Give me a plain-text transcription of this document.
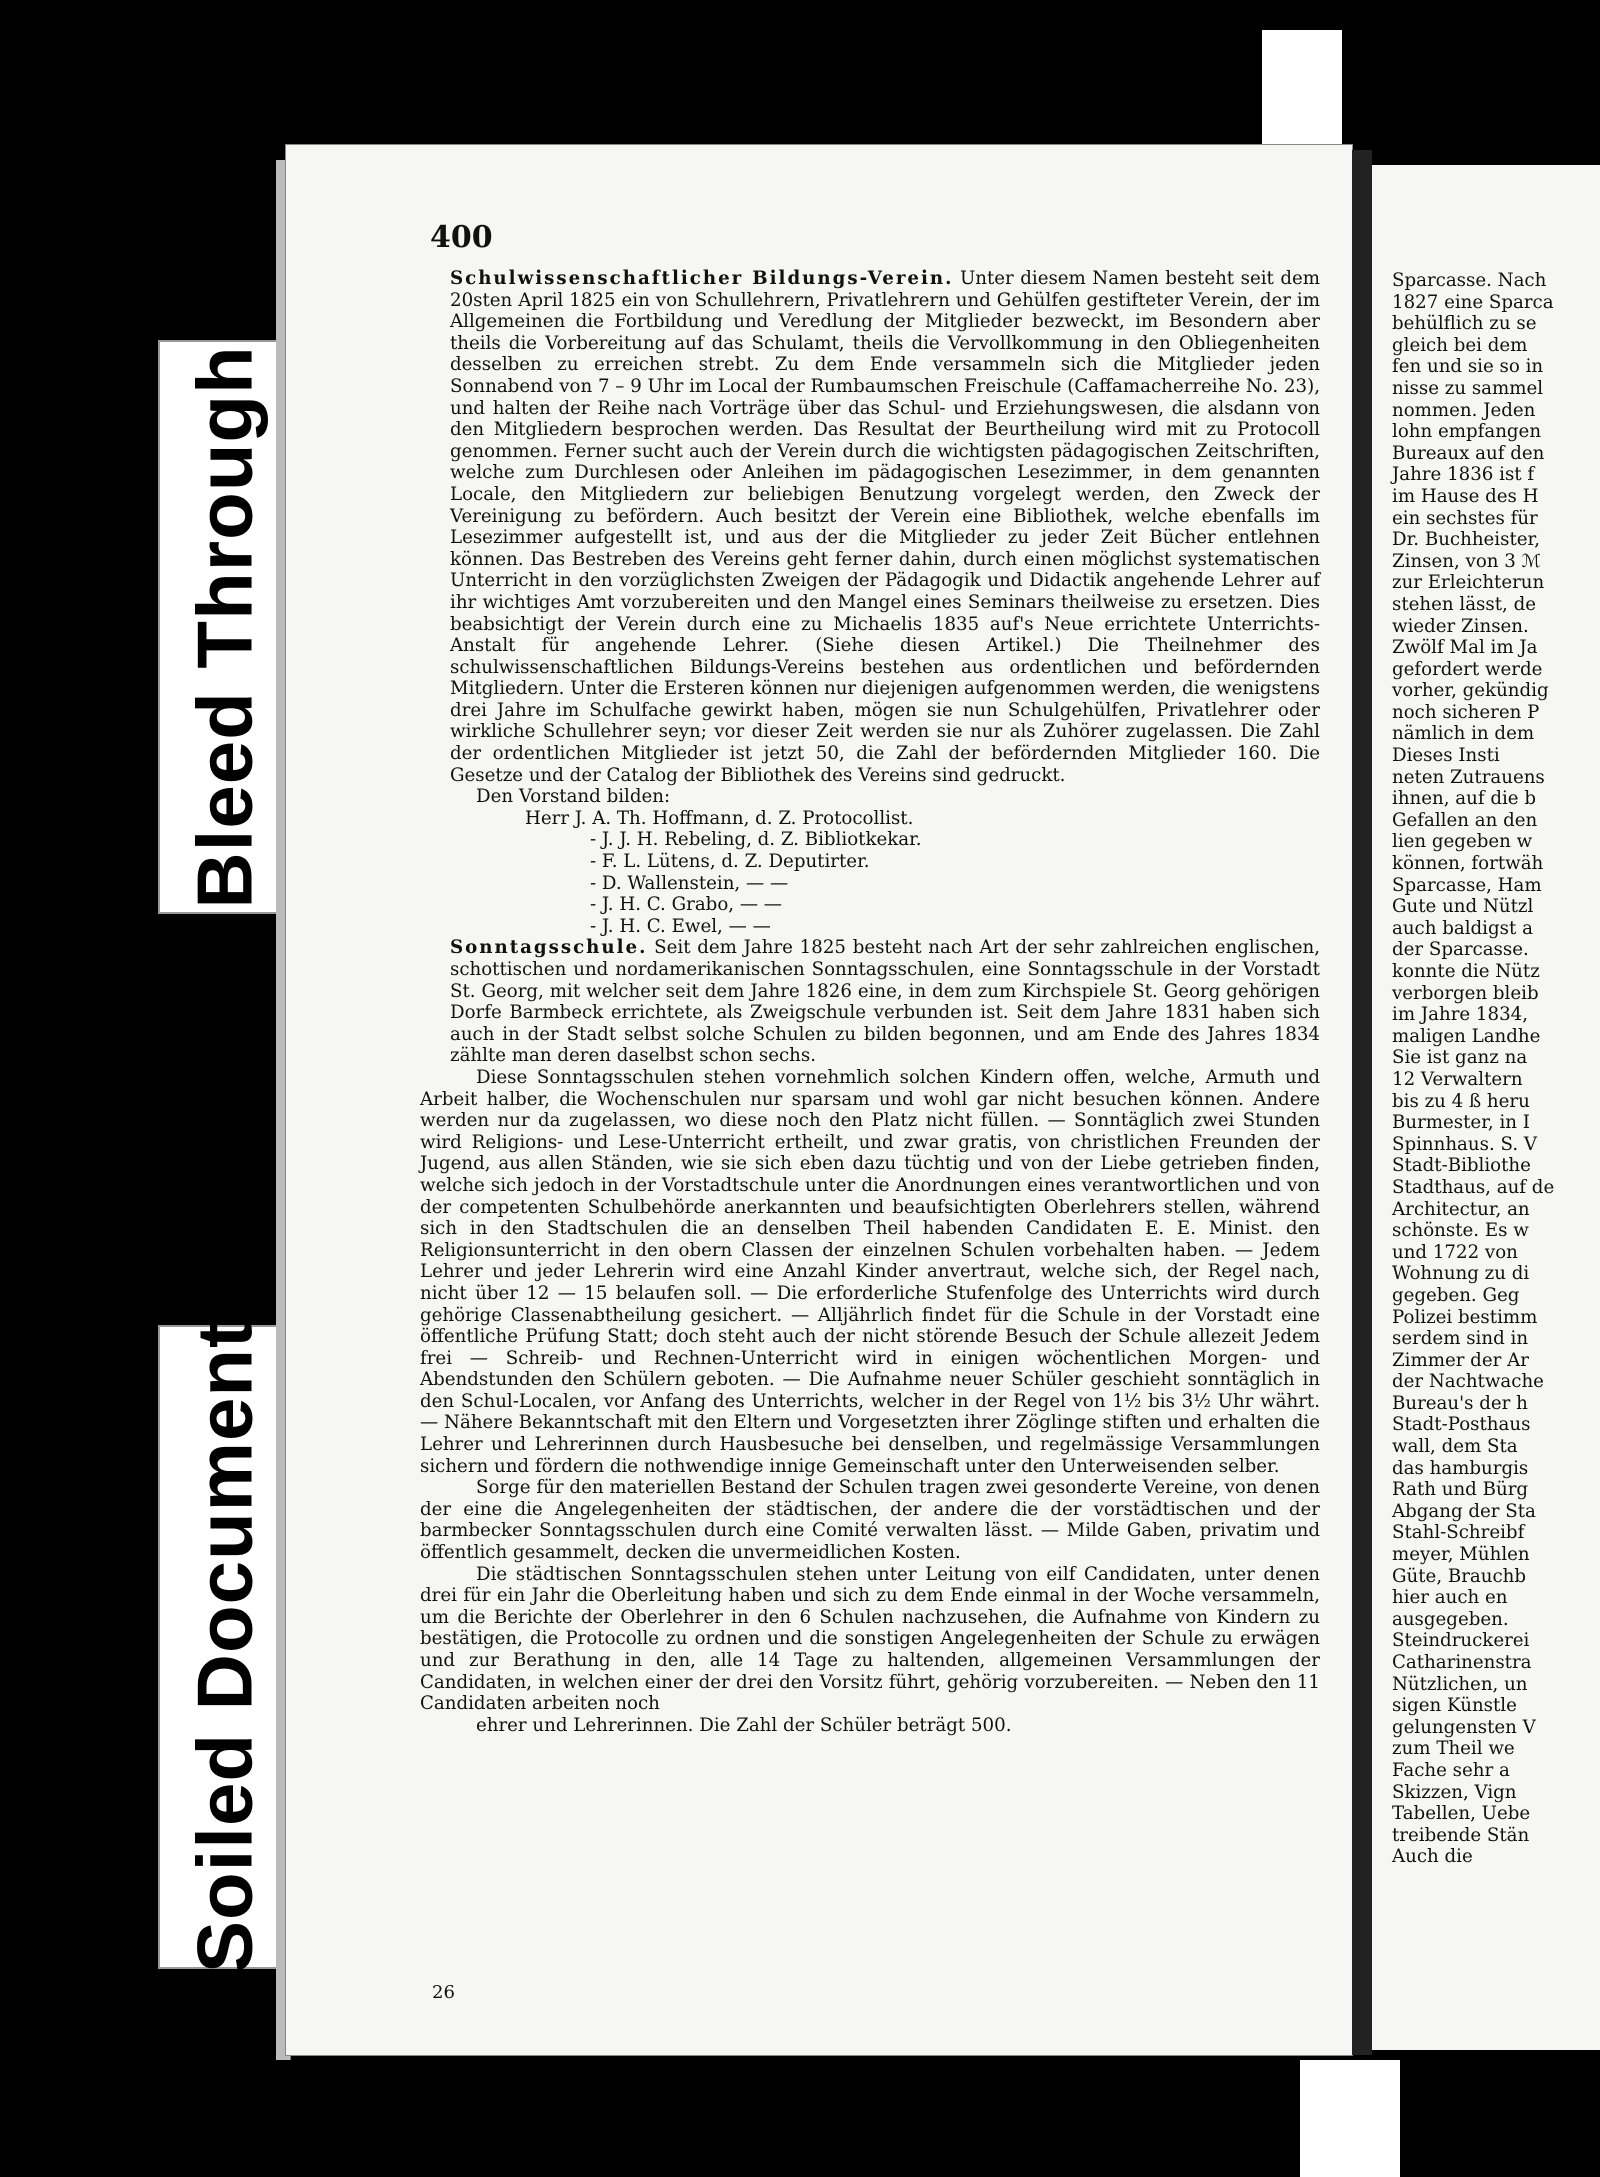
Bleed Through
Soiled Document
400

Schulwissenschaftlicher Bildungs-Verein. Unter diesem Namen besteht seit dem 20sten April 1825 ein von Schullehrern, Privatlehrern und Gehülfen gestifteter Verein, der im Allgemeinen die Fortbildung und Veredlung der Mitglieder bezweckt, im Besondern aber theils die Vorbereitung auf das Schulamt, theils die Vervollkommung in den Obliegenheiten desselben zu erreichen strebt. Zu dem Ende versammeln sich die Mitglieder jeden Sonnabend von 7 – 9 Uhr im Local der Rumbaumschen Freischule (Caffamacherreihe No. 23), und halten der Reihe nach Vorträge über das Schul- und Erziehungswesen, die alsdann von den Mitgliedern besprochen werden. Das Resultat der Beurtheilung wird mit zu Protocoll genommen. Ferner sucht auch der Verein durch die wichtigsten pädagogischen Zeitschriften, welche zum Durchlesen oder Anleihen im pädagogischen Lesezimmer, in dem genannten Locale, den Mitgliedern zur beliebigen Benutzung vorgelegt werden, den Zweck der Vereinigung zu befördern. Auch besitzt der Verein eine Bibliothek, welche ebenfalls im Lesezimmer aufgestellt ist, und aus der die Mitglieder zu jeder Zeit Bücher entlehnen können. Das Bestreben des Vereins geht ferner dahin, durch einen möglichst systematischen Unterricht in den vorzüglichsten Zweigen der Pädagogik und Didactik angehende Lehrer auf ihr wichtiges Amt vorzubereiten und den Mangel eines Seminars theilweise zu ersetzen. Dies beabsichtigt der Verein durch eine zu Michaelis 1835 auf's Neue errichtete Unterrichts-Anstalt für angehende Lehrer. (Siehe diesen Artikel.) Die Theilnehmer des schulwissenschaftlichen Bildungs-Vereins bestehen aus ordentlichen und befördernden Mitgliedern. Unter die Ersteren können nur diejenigen aufgenommen werden, die wenigstens drei Jahre im Schulfache gewirkt haben, mögen sie nun Schulgehülfen, Privatlehrer oder wirkliche Schullehrer seyn; vor dieser Zeit werden sie nur als Zuhörer zugelassen. Die Zahl der ordentlichen Mitglieder ist jetzt 50, die Zahl der befördernden Mitglieder 160. Die Gesetze und der Catalog der Bibliothek des Vereins sind gedruckt.

Den Vorstand bilden:

Herr J. A. Th. Hoffmann, d. Z. Protocollist.
- J. J. H. Rebeling, d. Z. Bibliotkekar.
- F. L. Lütens, d. Z. Deputirter.
- D. Wallenstein, — —
- J. H. C. Grabo, — —
- J. H. C. Ewel, — —

Sonntagsschule. Seit dem Jahre 1825 besteht nach Art der sehr zahlreichen englischen, schottischen und nordamerikanischen Sonntagsschulen, eine Sonntagsschule in der Vorstadt St. Georg, mit welcher seit dem Jahre 1826 eine, in dem zum Kirchspiele St. Georg gehörigen Dorfe Barmbeck errichtete, als Zweigschule verbunden ist. Seit dem Jahre 1831 haben sich auch in der Stadt selbst solche Schulen zu bilden begonnen, und am Ende des Jahres 1834 zählte man deren daselbst schon sechs.

Diese Sonntagsschulen stehen vornehmlich solchen Kindern offen, welche, Armuth und Arbeit halber, die Wochenschulen nur sparsam und wohl gar nicht besuchen können. Andere werden nur da zugelassen, wo diese noch den Platz nicht füllen. — Sonntäglich zwei Stunden wird Religions- und Lese-Unterricht ertheilt, und zwar gratis, von christlichen Freunden der Jugend, aus allen Ständen, wie sie sich eben dazu tüchtig und von der Liebe getrieben finden, welche sich jedoch in der Vorstadtschule unter die Anordnungen eines verantwortlichen und von der competenten Schulbehörde anerkannten und beaufsichtigten Oberlehrers stellen, während sich in den Stadtschulen die an denselben Theil habenden Candidaten E. E. Minist. den Religionsunterricht in den obern Classen der einzelnen Schulen vorbehalten haben. — Jedem Lehrer und jeder Lehrerin wird eine Anzahl Kinder anvertraut, welche sich, der Regel nach, nicht über 12 — 15 belaufen soll. — Die erforderliche Stufenfolge des Unterrichts wird durch gehörige Classenabtheilung gesichert. — Alljährlich findet für die Schule in der Vorstadt eine öffentliche Prüfung Statt; doch steht auch der nicht störende Besuch der Schule allezeit Jedem frei — Schreib- und Rechnen-Unterricht wird in einigen wöchentlichen Morgen- und Abendstunden den Schülern geboten. — Die Aufnahme neuer Schüler geschieht sonntäglich in den Schul-Localen, vor Anfang des Unterrichts, welcher in der Regel von 1½ bis 3½ Uhr währt. — Nähere Bekanntschaft mit den Eltern und Vorgesetzten ihrer Zöglinge stiften und erhalten die Lehrer und Lehrerinnen durch Hausbesuche bei denselben, und regelmässige Versammlungen sichern und fördern die nothwendige innige Gemeinschaft unter den Unterweisenden selber.

Sorge für den materiellen Bestand der Schulen tragen zwei gesonderte Vereine, von denen der eine die Angelegenheiten der städtischen, der andere die der vorstädtischen und der barmbecker Sonntagsschulen durch eine Comité verwalten lässt. — Milde Gaben, privatim und öffentlich gesammelt, decken die unvermeidlichen Kosten.

Die städtischen Sonntagsschulen stehen unter Leitung von eilf Candidaten, unter denen drei für ein Jahr die Oberleitung haben und sich zu dem Ende einmal in der Woche versammeln, um die Berichte der Oberlehrer in den 6 Schulen nachzusehen, die Aufnahme von Kindern zu bestätigen, die Protocolle zu ordnen und die sonstigen Angelegenheiten der Schule zu erwägen und zur Berathung in den, alle 14 Tage zu haltenden, allgemeinen Versammlungen der Candidaten, in welchen einer der drei den Vorsitz führt, gehörig vorzubereiten. — Neben den 11 Candidaten arbeiten noch

ehrer und Lehrerinnen. Die Zahl der Schüler beträgt 500.

26
Sparcasse. Nach
1827 eine Sparca
behülflich zu se
gleich bei dem
fen und sie so in
nisse zu sammel
nommen. Jeden
lohn empfangen
Bureaux auf den
Jahre 1836 ist f
im Hause des H
ein sechstes für
Dr. Buchheister,
Zinsen, von 3 ℳ
zur Erleichterun
stehen lässt, de
wieder Zinsen.
Zwölf Mal im Ja
gefordert werde
vorher, gekündig
noch sicheren P
nämlich in dem
Dieses Insti
neten Zutrauens
ihnen, auf die b
Gefallen an den
lien gegeben w
können, fortwäh
Sparcasse, Ham
Gute und Nützl
auch baldigst a
der Sparcasse.
konnte die Nütz
verborgen bleib
im Jahre 1834,
maligen Landhe
Sie ist ganz na
12 Verwaltern
bis zu 4 ß heru
Burmester, in I
Spinnhaus. S. V
Stadt-Bibliothe
Stadthaus, auf de
Architectur, an
schönste. Es w
und 1722 von
Wohnung zu di
gegeben. Geg
Polizei bestimm
serdem sind in
Zimmer der Ar
der Nachtwache
Bureau's der h
Stadt-Posthaus
wall, dem Sta
das hamburgis
Rath und Bürg
Abgang der Sta
Stahl-Schreibf
meyer, Mühlen
Güte, Brauchb
hier auch en
ausgegeben.
Steindruckerei
Catharinenstra
Nützlichen, un
sigen Künstle
gelungensten V
zum Theil we
Fache sehr a
Skizzen, Vign
Tabellen, Uebe
treibende Stän
Auch die
